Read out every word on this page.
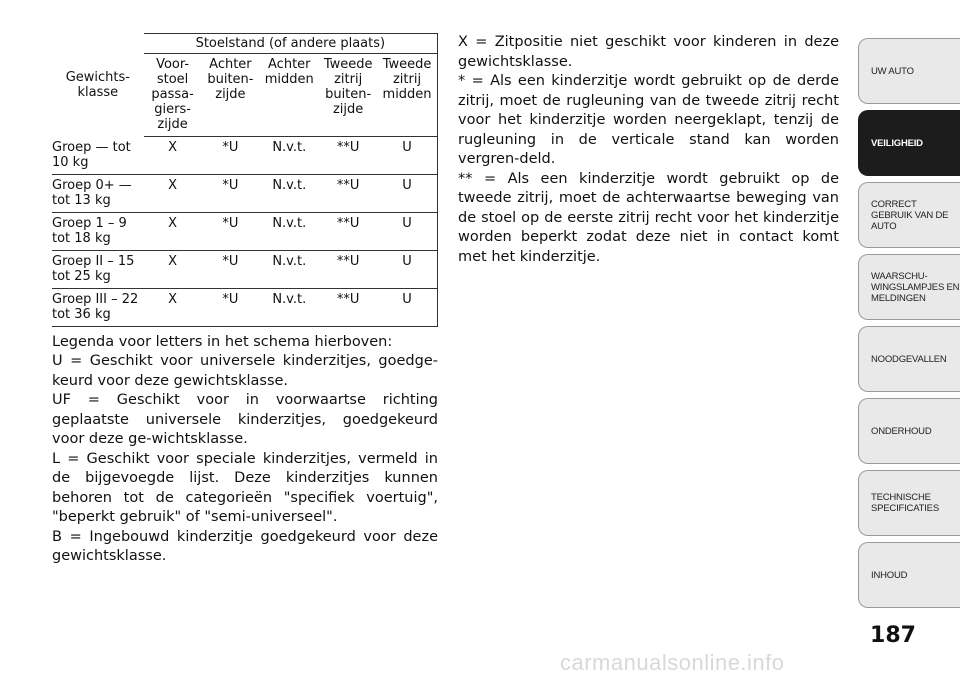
Gewichts-klasse	Stoelstand (of andere plaats)				
	Voor-stoel passa-giers-zijde	Achter buiten-zijde	Achter midden	Tweede zitrij buiten-zijde	Tweede zitrij midden
Groep — tot 10 kg	X	*U	N.v.t.	**U	U
Groep 0+ — tot 13 kg	X	*U	N.v.t.	**U	U
Groep 1 – 9 tot 18 kg	X	*U	N.v.t.	**U	U
Groep II – 15 tot 25 kg	X	*U	N.v.t.	**U	U
Groep III – 22 tot 36 kg	X	*U	N.v.t.	**U	U

Legenda voor letters in het schema hierboven:

U = Geschikt voor universele kinderzitjes, goedge-keurd voor deze gewichtsklasse.

UF = Geschikt voor in voorwaartse richting geplaatste universele kinderzitjes, goedgekeurd voor deze ge-wichtsklasse.

L = Geschikt voor speciale kinderzitjes, vermeld in de bijgevoegde lijst. Deze kinderzitjes kunnen behoren tot de categorieën "specifiek voertuig", "beperkt gebruik" of "semi-universeel".

B = Ingebouwd kinderzitje goedgekeurd voor deze gewichtsklasse.

X = Zitpositie niet geschikt voor kinderen in deze gewichtsklasse.

* = Als een kinderzitje wordt gebruikt op de derde zitrij, moet de rugleuning van de tweede zitrij recht voor het kinderzitje worden neergeklapt, tenzij de rugleuning in de verticale stand kan worden vergren-deld.

** = Als een kinderzitje wordt gebruikt op de tweede zitrij, moet de achterwaartse beweging van de stoel op de eerste zitrij recht voor het kinderzitje worden beperkt zodat deze niet in contact komt met het kinderzitje.

UW AUTO
VEILIGHEID
CORRECT GEBRUIK VAN DE AUTO
WAARSCHU-WINGSLAMPJES EN MELDINGEN
NOODGEVALLEN
ONDERHOUD
TECHNISCHE SPECIFICATIES
INHOUD
187
carmanualsonline.info
